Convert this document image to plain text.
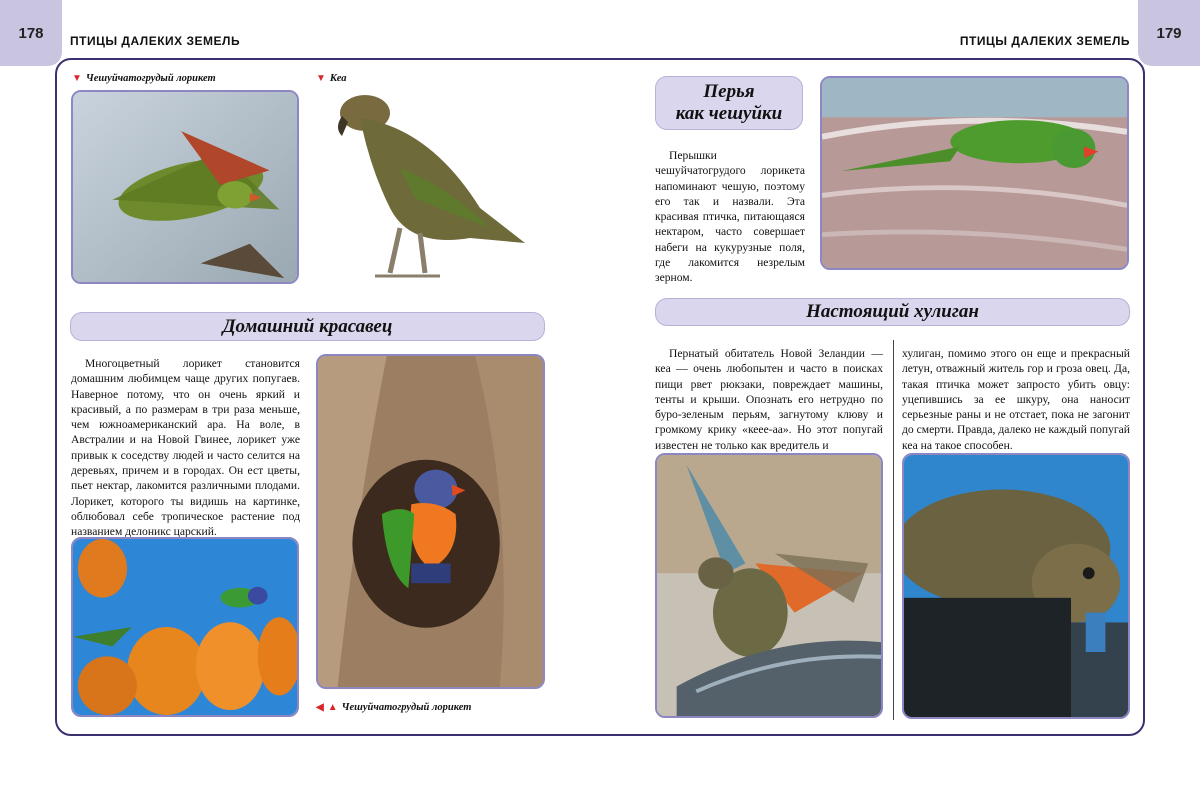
178	ПТИЦЫ ДАЛЕКИХ ЗЕМЕЛЬ	ПТИЦЫ ДАЛЕКИХ ЗЕМЕЛЬ	179
▼ Чешуйчатогрудый лорикет	▼ Кеа
Домашний красавец
Многоцветный лорикет становится домашним любимцем чаще других попугаев. Наверное потому, что он очень яркий и красивый, а по размерам в три раза меньше, чем южноамериканский ара. На воле, в Австралии и на Новой Гвинее, лорикет уже привык к соседству людей и часто селится на деревьях, причем и в городах. Он ест цветы, пьет нектар, лакомится различными плодами. Лорикет, которого ты видишь на картинке, облюбовал себе тропическое растение под названием делоникс царский.
◀ ▲ Чешуйчатогрудый лорикет
Перья
как чешуйки
Перышки чешуйчатогрудого лорикета напоминают чешую, поэтому его так и назвали. Эта красивая птичка, питающаяся нектаром, часто совершает набеги на кукурузные поля, где лакомится незрелым зерном.
Настоящий хулиган
Пернатый обитатель Новой Зеландии — кеа — очень любопытен и часто в поисках пищи рвет рюкзаки, повреждает машины, тенты и крыши. Опознать его нетрудно по буро-зеленым перьям, загнутому клюву и громкому крику «кеее-аа». Но этот попугай известен не только как вредитель и
хулиган, помимо этого он еще и прекрасный летун, отважный житель гор и гроза овец. Да, такая птичка может запросто убить овцу: уцепившись за ее шкуру, она наносит серьезные раны и не отстает, пока не загонит до смерти. Правда, далеко не каждый попугай кеа на такое способен.
